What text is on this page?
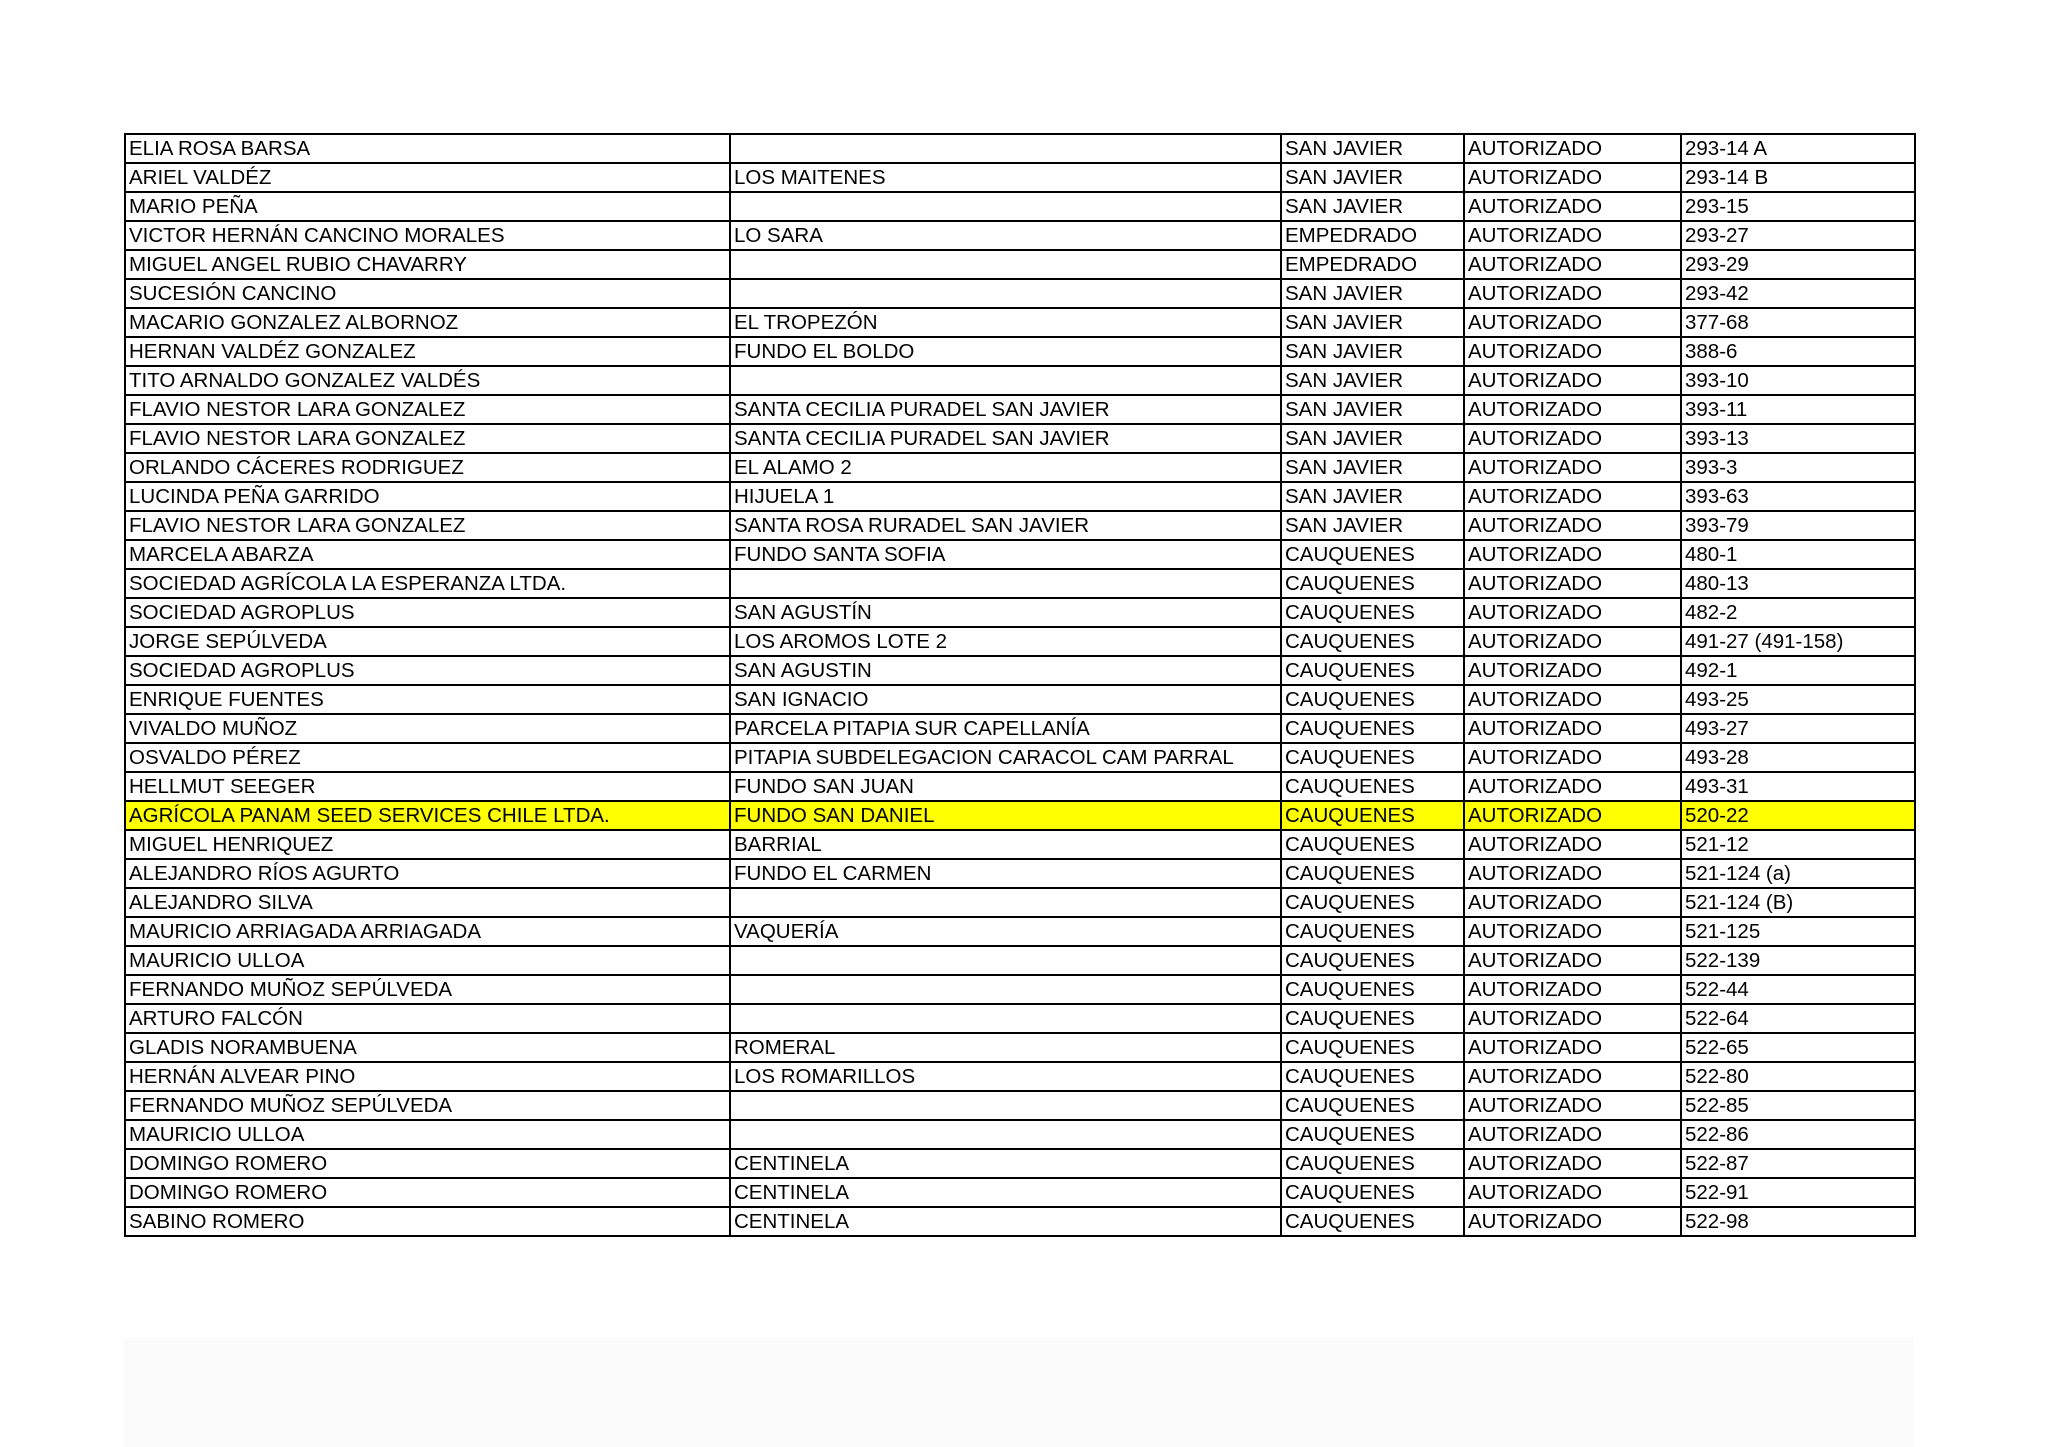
ELIA ROSA BARSA		SAN JAVIER	AUTORIZADO	293-14 A
ARIEL VALDÉZ	LOS MAITENES	SAN JAVIER	AUTORIZADO	293-14 B
MARIO PEÑA		SAN JAVIER	AUTORIZADO	293-15
VICTOR HERNÁN CANCINO MORALES	LO SARA	EMPEDRADO	AUTORIZADO	293-27
MIGUEL ANGEL RUBIO CHAVARRY		EMPEDRADO	AUTORIZADO	293-29
SUCESIÓN CANCINO		SAN JAVIER	AUTORIZADO	293-42
MACARIO GONZALEZ ALBORNOZ	EL TROPEZÓN	SAN JAVIER	AUTORIZADO	377-68
HERNAN VALDÉZ GONZALEZ	FUNDO EL BOLDO	SAN JAVIER	AUTORIZADO	388-6
TITO ARNALDO GONZALEZ VALDÉS		SAN JAVIER	AUTORIZADO	393-10
FLAVIO NESTOR LARA GONZALEZ	SANTA CECILIA PURADEL SAN JAVIER	SAN JAVIER	AUTORIZADO	393-11
FLAVIO NESTOR LARA GONZALEZ	SANTA CECILIA PURADEL SAN JAVIER	SAN JAVIER	AUTORIZADO	393-13
ORLANDO CÁCERES RODRIGUEZ	EL ALAMO 2	SAN JAVIER	AUTORIZADO	393-3
LUCINDA PEÑA GARRIDO	HIJUELA 1	SAN JAVIER	AUTORIZADO	393-63
FLAVIO NESTOR LARA GONZALEZ	SANTA ROSA RURADEL SAN JAVIER	SAN JAVIER	AUTORIZADO	393-79
MARCELA ABARZA	FUNDO SANTA SOFIA	CAUQUENES	AUTORIZADO	480-1
SOCIEDAD AGRÍCOLA LA ESPERANZA LTDA.		CAUQUENES	AUTORIZADO	480-13
SOCIEDAD AGROPLUS	SAN AGUSTÍN	CAUQUENES	AUTORIZADO	482-2
JORGE SEPÚLVEDA	LOS AROMOS LOTE 2	CAUQUENES	AUTORIZADO	491-27 (491-158)
SOCIEDAD AGROPLUS	SAN AGUSTIN	CAUQUENES	AUTORIZADO	492-1
ENRIQUE FUENTES	SAN IGNACIO	CAUQUENES	AUTORIZADO	493-25
VIVALDO MUÑOZ	PARCELA PITAPIA SUR CAPELLANÍA	CAUQUENES	AUTORIZADO	493-27
OSVALDO PÉREZ	PITAPIA SUBDELEGACION CARACOL CAM PARRAL	CAUQUENES	AUTORIZADO	493-28
HELLMUT SEEGER	FUNDO SAN JUAN	CAUQUENES	AUTORIZADO	493-31
AGRÍCOLA PANAM SEED SERVICES CHILE LTDA.	FUNDO SAN DANIEL	CAUQUENES	AUTORIZADO	520-22
MIGUEL HENRIQUEZ	BARRIAL	CAUQUENES	AUTORIZADO	521-12
ALEJANDRO RÍOS AGURTO	FUNDO EL CARMEN	CAUQUENES	AUTORIZADO	521-124 (a)
ALEJANDRO SILVA		CAUQUENES	AUTORIZADO	521-124 (B)
MAURICIO ARRIAGADA ARRIAGADA	VAQUERÍA	CAUQUENES	AUTORIZADO	521-125
MAURICIO ULLOA		CAUQUENES	AUTORIZADO	522-139
FERNANDO MUÑOZ SEPÚLVEDA		CAUQUENES	AUTORIZADO	522-44
ARTURO FALCÓN		CAUQUENES	AUTORIZADO	522-64
GLADIS NORAMBUENA	ROMERAL	CAUQUENES	AUTORIZADO	522-65
HERNÁN ALVEAR PINO	LOS ROMARILLOS	CAUQUENES	AUTORIZADO	522-80
FERNANDO MUÑOZ SEPÚLVEDA		CAUQUENES	AUTORIZADO	522-85
MAURICIO ULLOA		CAUQUENES	AUTORIZADO	522-86
DOMINGO ROMERO	CENTINELA	CAUQUENES	AUTORIZADO	522-87
DOMINGO ROMERO	CENTINELA	CAUQUENES	AUTORIZADO	522-91
SABINO ROMERO	CENTINELA	CAUQUENES	AUTORIZADO	522-98
